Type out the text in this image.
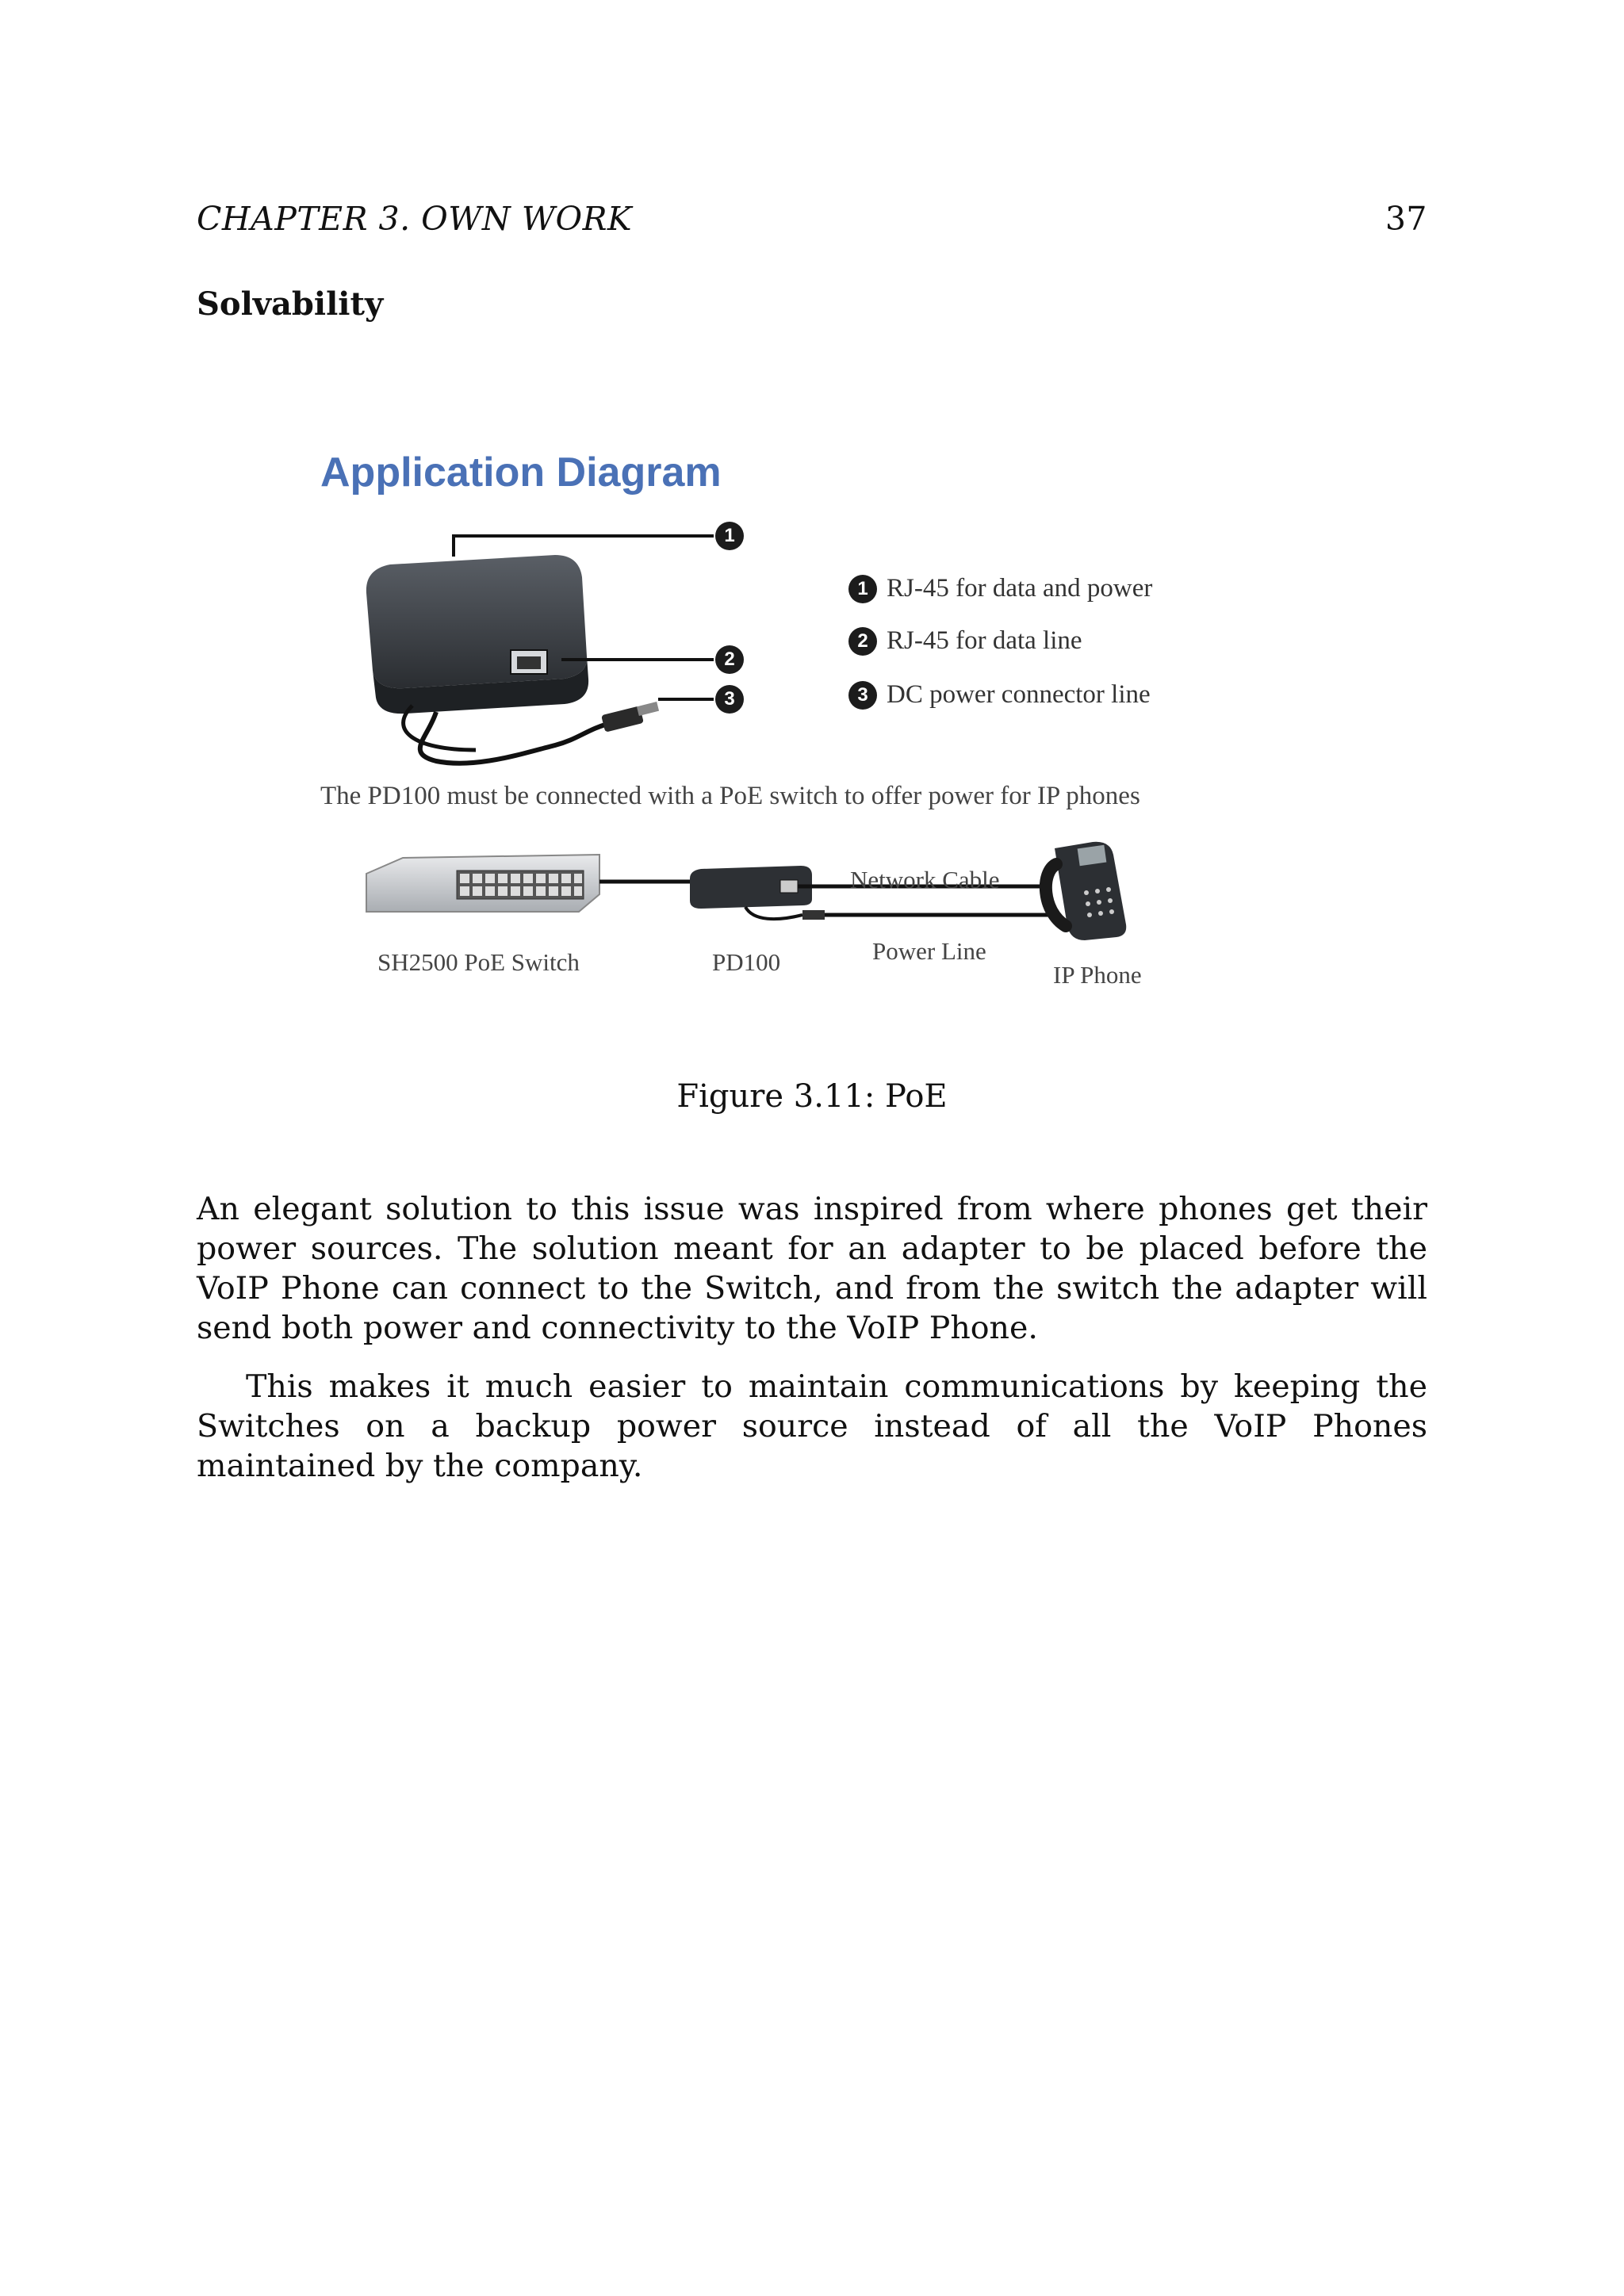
CHAPTER 3. OWN WORK	37
Solvability
Application Diagram
1
2
3
1 RJ-45 for data and power
2 RJ-45 for data line
3 DC power connector line
The PD100 must be connected with a PoE switch to offer power for IP phones
SH2500 PoE Switch	PD100
Network Cable
Power Line
IP Phone
Figure 3.11: PoE

An elegant solution to this issue was inspired from where phones get their power sources. The solution meant for an adapter to be placed before the VoIP Phone can connect to the Switch, and from the switch the adapter will send both power and connectivity to the VoIP Phone.

This makes it much easier to maintain communications by keeping the Switches on a backup power source instead of all the VoIP Phones maintained by the company.
